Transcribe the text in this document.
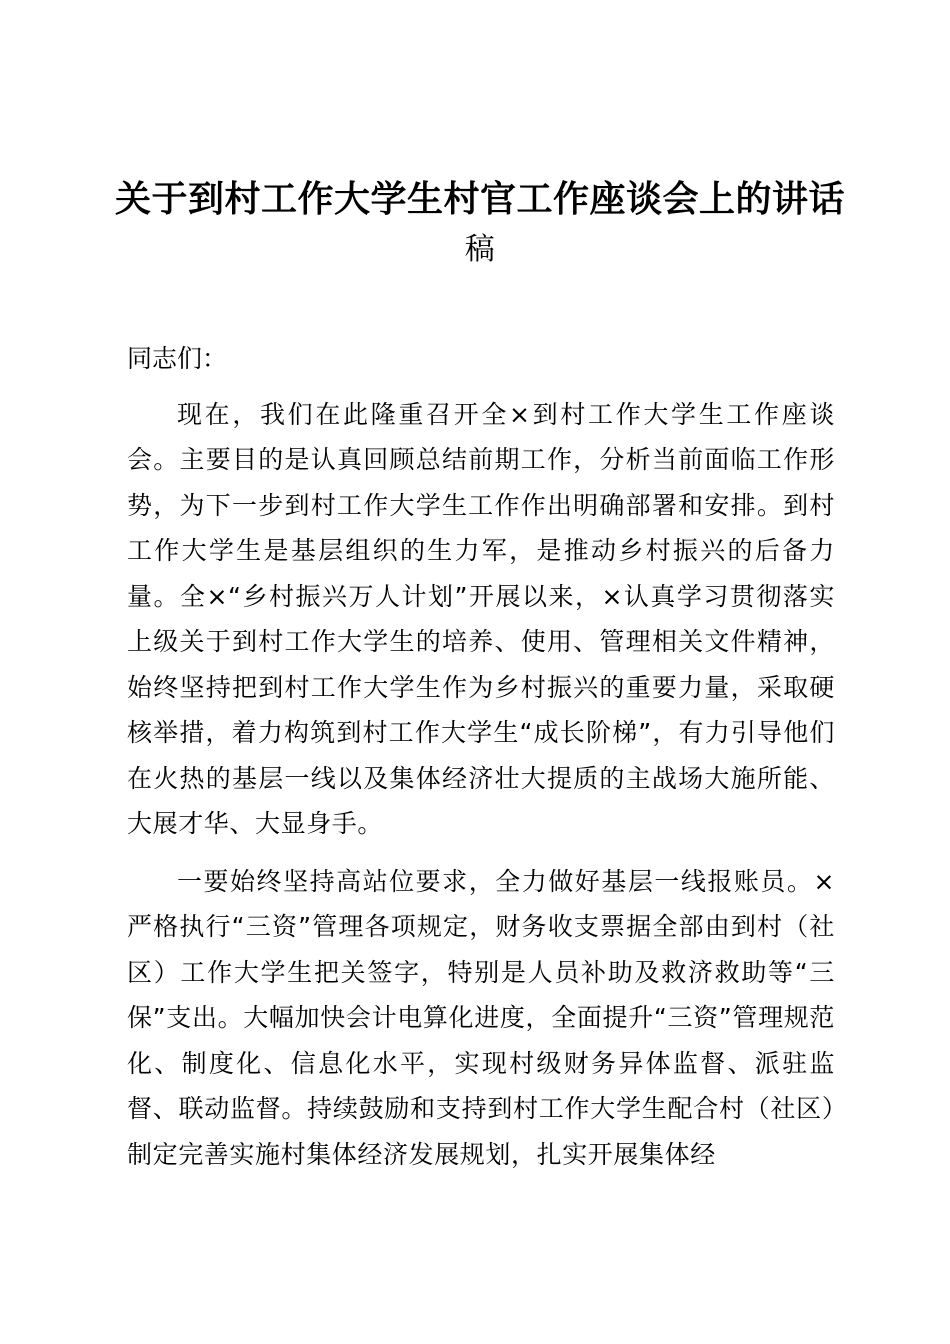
关于到村工作大学生村官工作座谈会上的讲话
稿

同志们：

现在，我们在此隆重召开全×到村工作大学生工作座谈会。主要目的是认真回顾总结前期工作，分析当前面临工作形势，为下一步到村工作大学生工作作出明确部署和安排。到村工作大学生是基层组织的生力军，是推动乡村振兴的后备力量。全×“乡村振兴万人计划”开展以来，×认真学习贯彻落实上级关于到村工作大学生的培养、使用、管理相关文件精神，始终坚持把到村工作大学生作为乡村振兴的重要力量，采取硬核举措，着力构筑到村工作大学生“成长阶梯”，有力引导他们在火热的基层一线以及集体经济壮大提质的主战场大施所能、大展才华、大显身手。

一要始终坚持高站位要求，全力做好基层一线报账员。×严格执行“三资”管理各项规定，财务收支票据全部由到村（社区）工作大学生把关签字，特别是人员补助及救济救助等“三保”支出。大幅加快会计电算化进度，全面提升“三资”管理规范化、制度化、信息化水平，实现村级财务异体监督、派驻监督、联动监督。持续鼓励和支持到村工作大学生配合村（社区）制定完善实施村集体经济发展规划，扎实开展集体经
